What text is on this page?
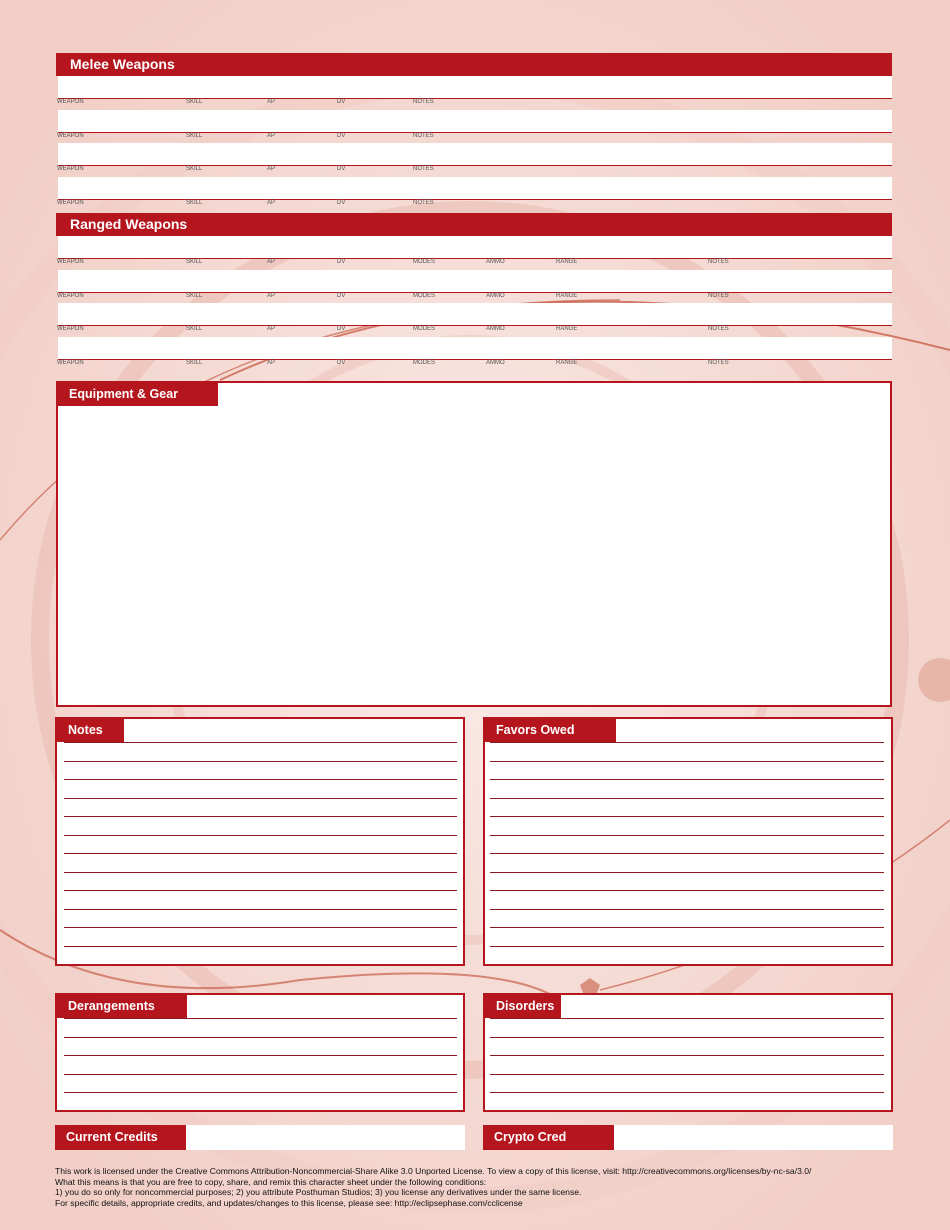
Melee Weapons
WEAPON	SKILL	AP	DV	NOTES
WEAPON	SKILL	AP	DV	NOTES
WEAPON	SKILL	AP	DV	NOTES
WEAPON	SKILL	AP	DV	NOTES
Ranged Weapons
WEAPON	SKILL	AP	DV	MODES	AMMO	RANGE	NOTES
WEAPON	SKILL	AP	DV	MODES	AMMO	RANGE	NOTES
WEAPON	SKILL	AP	DV	MODES	AMMO	RANGE	NOTES
WEAPON	SKILL	AP	DV	MODES	AMMO	RANGE	NOTES
Equipment & Gear
Notes	Favors Owed
Derangements	Disorders
Current Credits	Crypto Cred
This work is licensed under the Creative Commons Attribution-Noncommercial-Share Alike 3.0 Unported License. To view a copy of this license, visit: http://creativecommons.org/licenses/by-nc-sa/3.0/
What this means is that you are free to copy, share, and remix this character sheet under the following conditions:
1) you do so only for noncommercial purposes; 2) you attribute Posthuman Studios; 3) you license any derivatives under the same license.
For specific details, appropriate credits, and updates/changes to this license, please see: http://eclipsephase.com/cclicense
